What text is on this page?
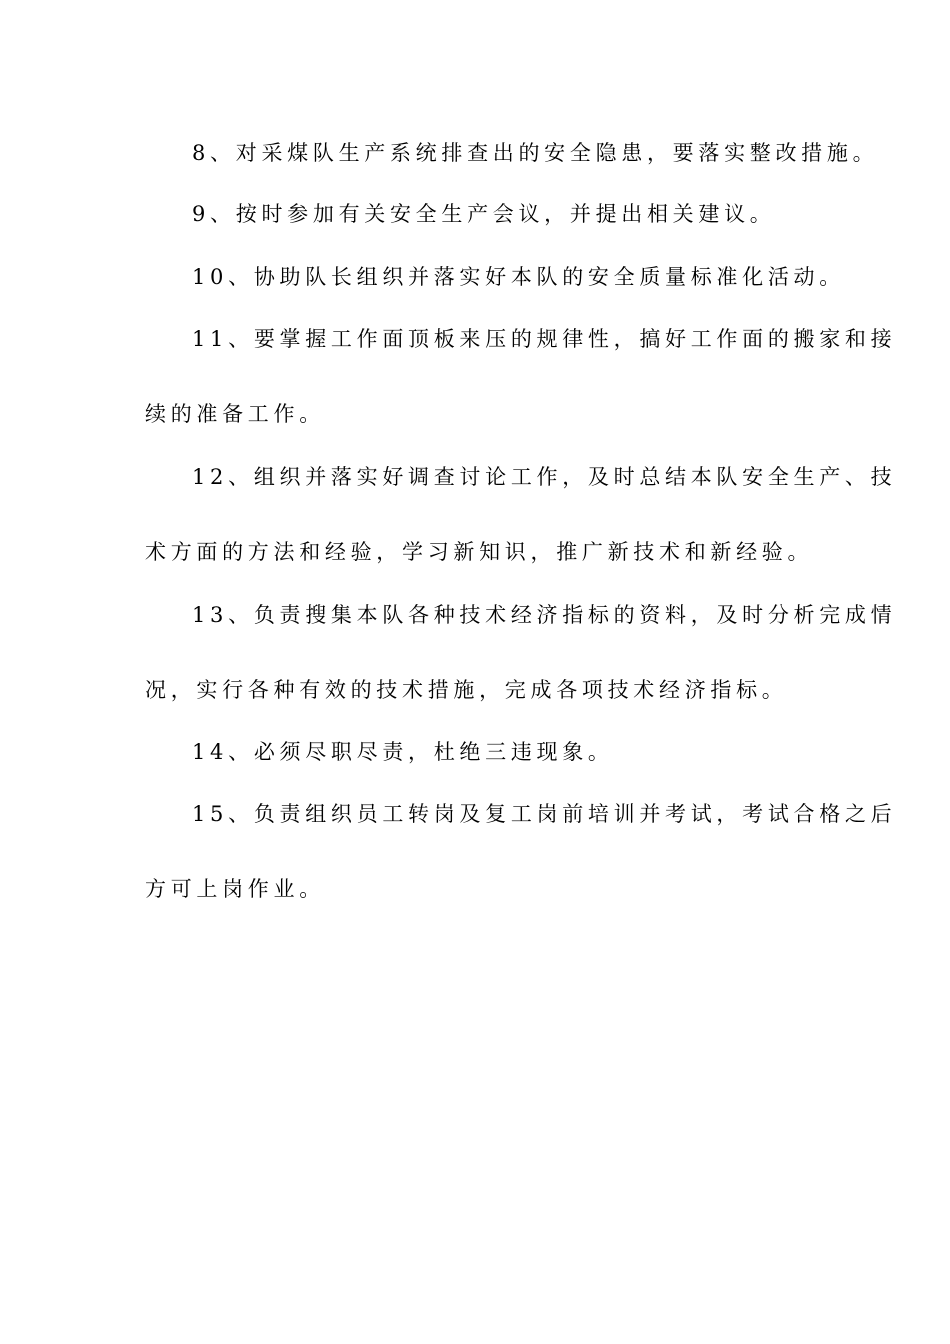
8、对采煤队生产系统排查出的安全隐患，要落实整改措施。
9、按时参加有关安全生产会议，并提出相关建议。
10、协助队长组织并落实好本队的安全质量标准化活动。
11、要掌握工作面顶板来压的规律性，搞好工作面的搬家和接
续的准备工作。
12、组织并落实好调查讨论工作，及时总结本队安全生产、技
术方面的方法和经验，学习新知识，推广新技术和新经验。
13、负责搜集本队各种技术经济指标的资料，及时分析完成情
况，实行各种有效的技术措施，完成各项技术经济指标。
14、必须尽职尽责，杜绝三违现象。
15、负责组织员工转岗及复工岗前培训并考试，考试合格之后
方可上岗作业。
